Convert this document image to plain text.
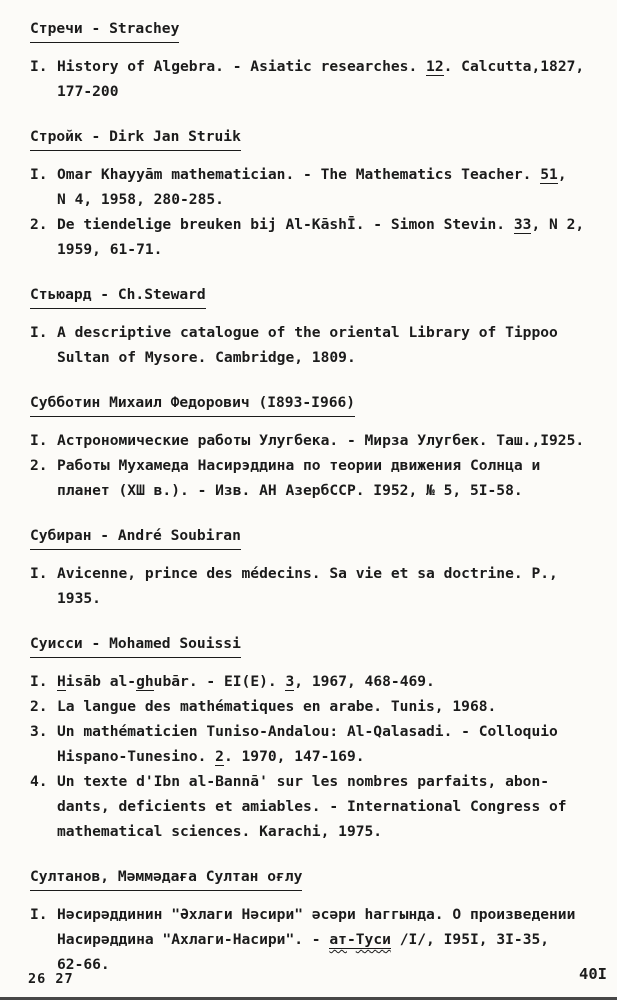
Стречи - Strachey
I. History of Algebra. - Asiatic researches. 12. Calcutta,1827,
177-200
Стройк - Dirk Jan Struik
I. Omar Khayyām mathematician. - The Mathematics Teacher. 51,
N 4, 1958, 280-285.
2. De tiendelige breuken bij Al-KāshĪ. - Simon Stevin. 33, N 2,
1959, 61-71.
Стьюард - Ch.Steward
I. A descriptive catalogue of the oriental Library of Tippoo
Sultan of Mysore. Cambridge, 1809.
Субботин Михаил Федорович (I893-I966)
I. Астрономические работы Улугбека. - Мирза Улугбек. Таш.,I925.
2. Работы Мухамеда Насирэддина по теории движения Солнца и
планет (ХШ в.). - Изв. АН АзербССР. I952, № 5, 5I-58.
Субиран - André Soubiran
I. Avicenne, prince des médecins. Sa vie et sa doctrine. P.,
1935.
Суисси - Mohamed Souissi
I. Hisāb al-ghubār. - EI(E). 3, 1967, 468-469.
2. La langue des mathématiques en arabe. Tunis, 1968.
3. Un mathématicien Tuniso-Andalou: Al-Qalasadi. - Colloquio
Hispano-Tunesino. 2. 1970, 147-169.
4. Un texte d'Ibn al-Bannā' sur les nombres parfaits, abon-
dants, deficients et amiables. - International Congress of
mathematical sciences. Karachi, 1975.
Султанов, Мәммәдаға Султан оғлу
I. Нәсирәддинин "Әхлаги Нәсири" әсәри һаггында. О произведении
Насирәддина "Ахлаги-Насири". - ат-Туси /I/, I95I, 3I-35,
62-66.
26 27	40I
